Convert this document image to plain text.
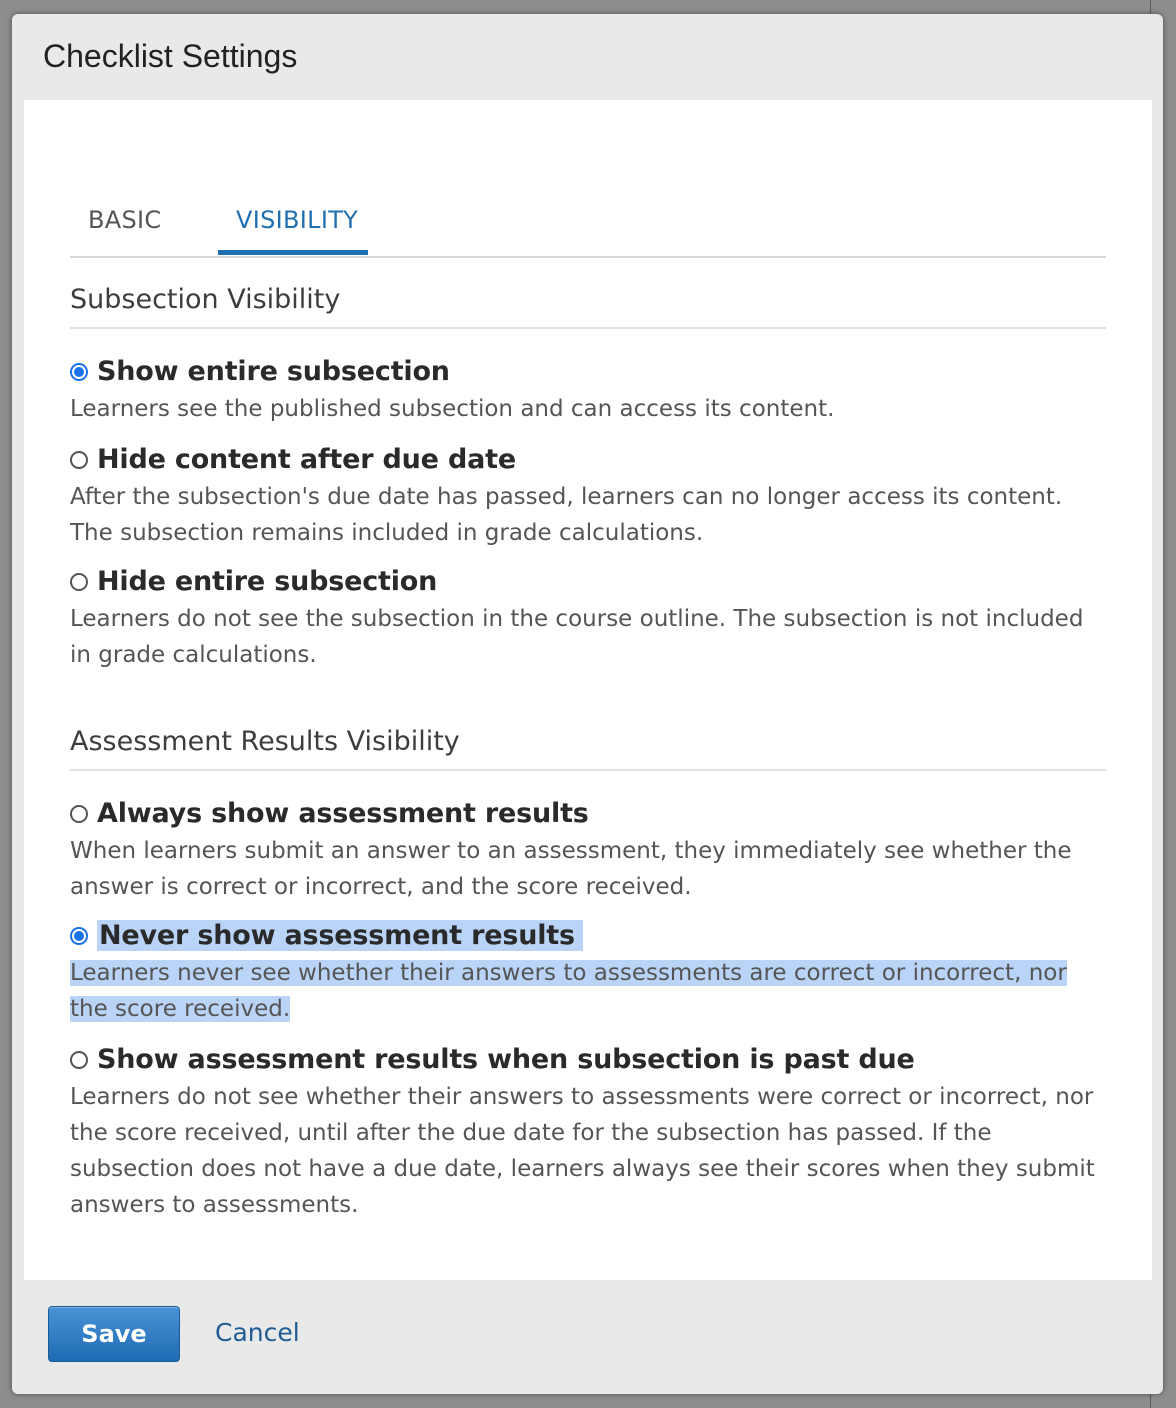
Checklist Settings
BASIC	VISIBILITY
Subsection Visibility
Show entire subsection
Learners see the published subsection and can access its content.
Hide content after due date
After the subsection's due date has passed, learners can no longer access its content. The subsection remains included in grade calculations.
Hide entire subsection
Learners do not see the subsection in the course outline. The subsection is not included in grade calculations.
Assessment Results Visibility
Always show assessment results
When learners submit an answer to an assessment, they immediately see whether the answer is correct or incorrect, and the score received.
Never show assessment results
Learners never see whether their answers to assessments are correct or incorrect, nor the score received.
Show assessment results when subsection is past due
Learners do not see whether their answers to assessments were correct or incorrect, nor the score received, until after the due date for the subsection has passed. If the subsection does not have a due date, learners always see their scores when they submit answers to assessments.
Save	Cancel
